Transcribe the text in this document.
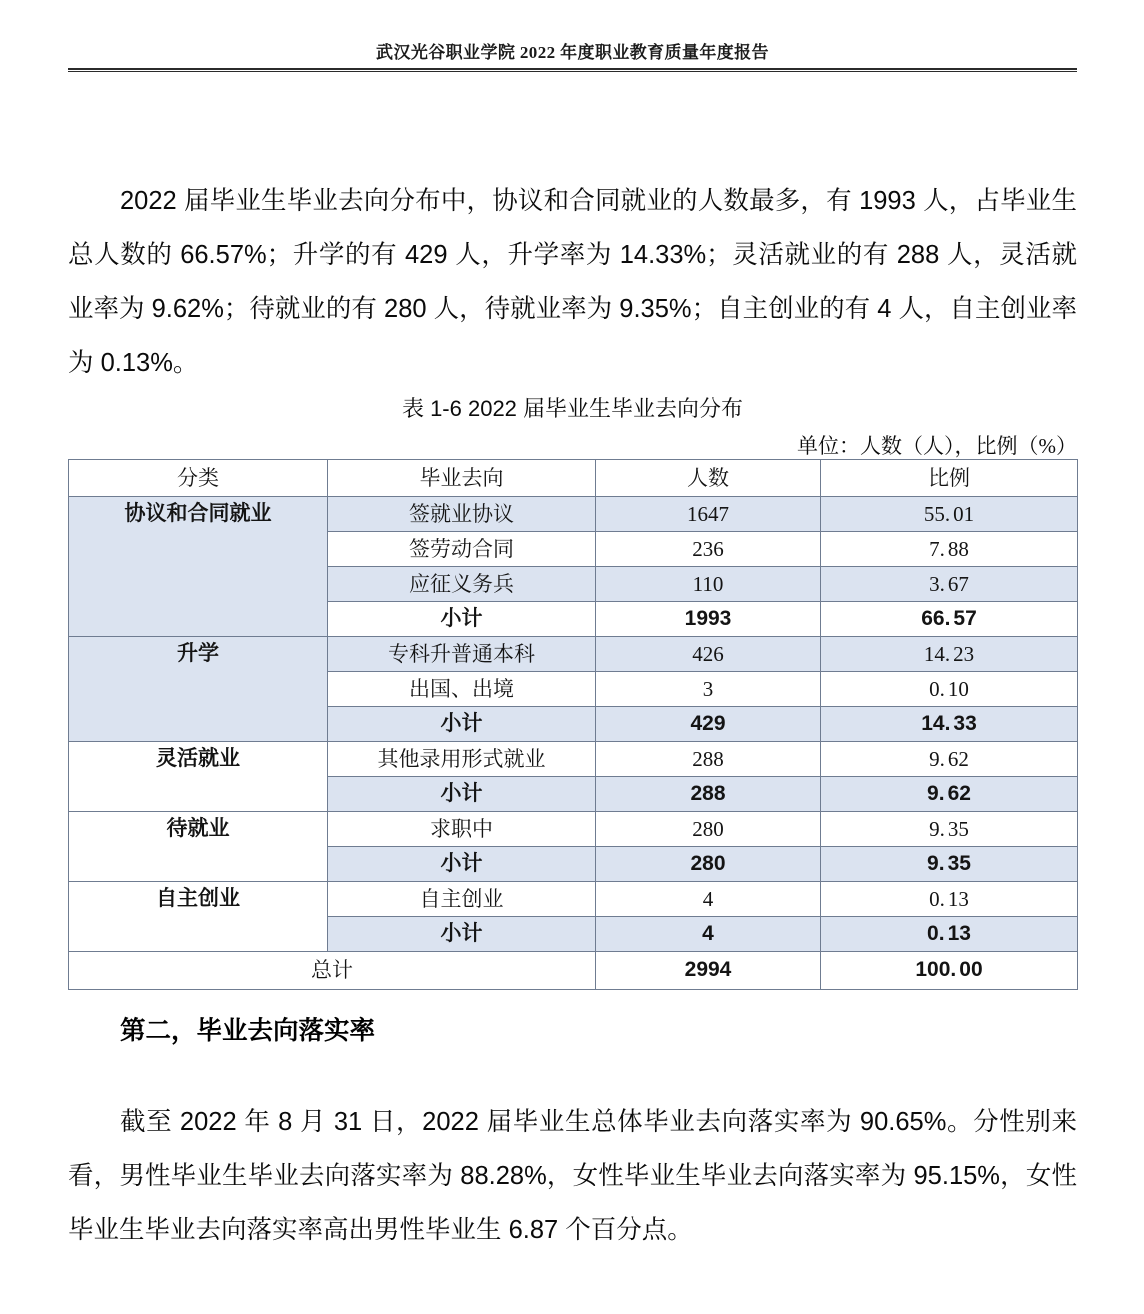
武汉光谷职业学院 2022 年度职业教育质量年度报告

2022 届毕业生毕业去向分布中，协议和合同就业的人数最多，有 1993 人，占毕业生总人数的 66.57%；升学的有 429 人，升学率为 14.33%；灵活就业的有 288 人，灵活就业率为 9.62%；待就业的有 280 人，待就业率为 9.35%；自主创业的有 4 人，自主创业率为 0.13%。

表 1-6 2022 届毕业生毕业去向分布
单位：人数（人），比例（%）
分类	毕业去向	人数	比例
协议和合同就业	签就业协议	1647	55.01
	签劳动合同	236	7.88
	应征义务兵	110	3.67
	小计	1993	66.57
升学	专科升普通本科	426	14.23
	出国、出境	3	0.10
	小计	429	14.33
灵活就业	其他录用形式就业	288	9.62
	小计	288	9.62
待就业	求职中	280	9.35
	小计	280	9.35
自主创业	自主创业	4	0.13
	小计	4	0.13
总计		2994	100.00
第二，毕业去向落实率

截至 2022 年 8 月 31 日，2022 届毕业生总体毕业去向落实率为 90.65%。分性别来看，男性毕业生毕业去向落实率为 88.28%，女性毕业生毕业去向落实率为 95.15%，女性毕业生毕业去向落实率高出男性毕业生 6.87 个百分点。
